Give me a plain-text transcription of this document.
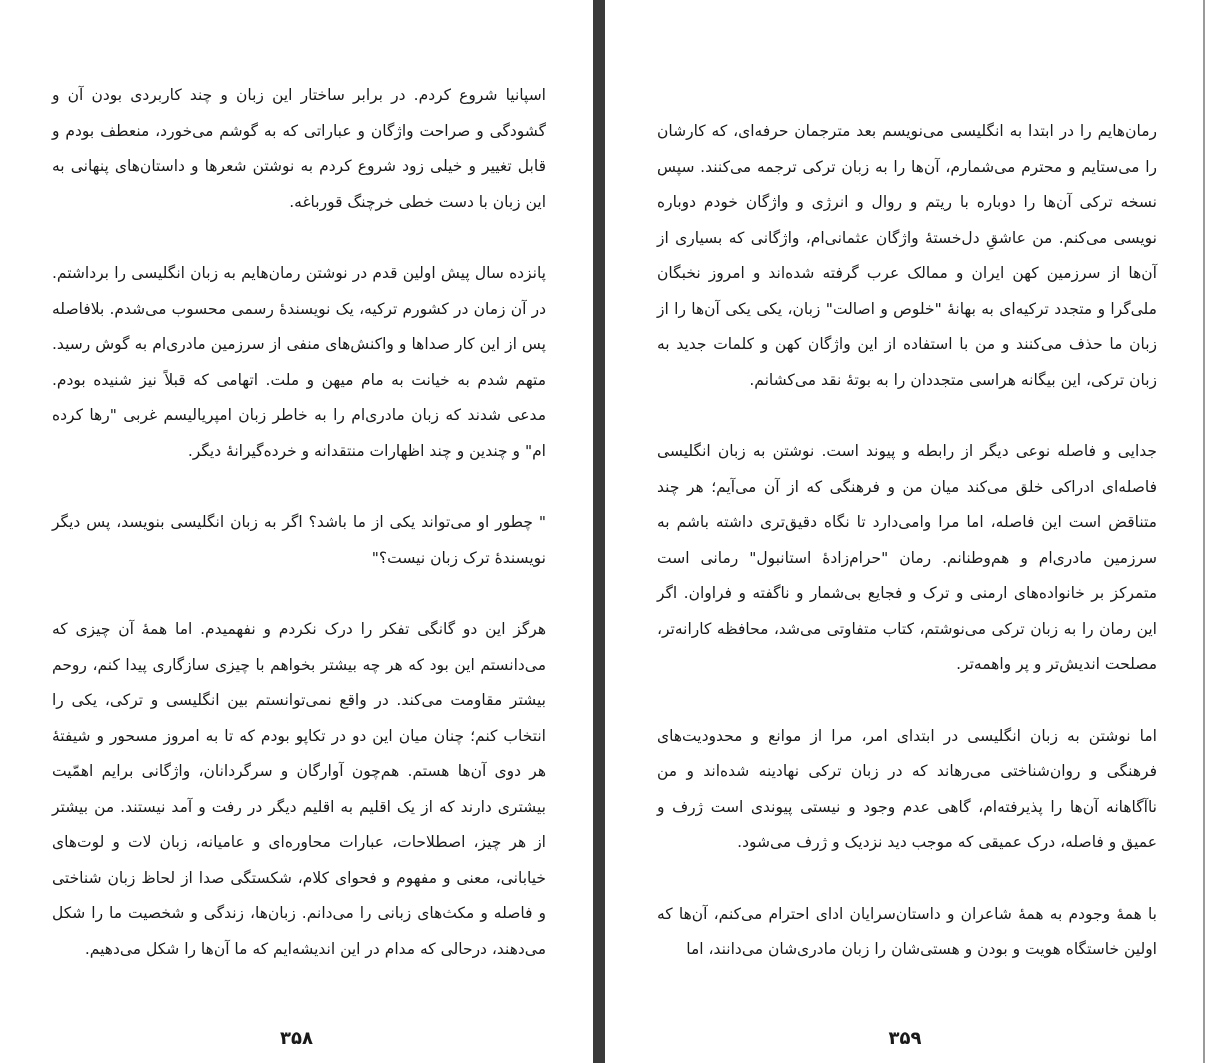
اسپانیا شروع کردم. در برابر ساختار این زبان و چند کاربردی بودن آن و گشودگی و صراحت واژگان و عباراتی که به گوشم می‌خورد، منعطف بودم و قابل تغییر و خیلی زود شروع کردم به نوشتن شعرها و داستان‌های پنهانی به این زبان با دست خطی خرچنگ قورباغه.

پانزده سال پیش اولین قدم در نوشتن رمان‌هایم به زبان انگلیسی را برداشتم. در آن زمان در کشورم ترکیه، یک نویسندهٔ رسمی محسوب می‌شدم. بلافاصله پس از این کار صداها و واکنش‌های منفی از سرزمین مادری‌ام به گوش رسید. متهم شدم به خیانت به مام میهن و ملت. اتهامی که قبلاً نیز شنیده بودم. مدعی شدند که زبان مادری‌ام را به خاطر زبان امپریالیسم غربی "رها کرده ام" و چندین و چند اظهارات منتقدانه و خرده‌گیرانهٔ دیگر.

" چطور او می‌تواند یکی از ما باشد؟ اگر به زبان انگلیسی بنویسد، پس دیگر نویسندهٔ ترک زبان نیست؟"

هرگز این دو گانگی تفکر را درک نکردم و نفهمیدم. اما همهٔ آن چیزی که می‌دانستم این بود که هر چه بیشتر بخواهم با چیزی سازگاری پیدا کنم، روحم بیشتر مقاومت می‌کند. در واقع نمی‌توانستم بین انگلیسی و ترکی، یکی را انتخاب کنم؛ چنان میان این دو در تکاپو بودم که تا به امروز مسحور و شیفتهٔ هر دوی آن‌ها هستم. هم‌چون آوارگان و سرگردانان، واژگانی برایم اهمّیت بیشتری دارند که از یک اقلیم به اقلیم دیگر در رفت و آمد نیستند. من بیشتر از هر چیز، اصطلاحات، عبارات محاوره‌ای و عامیانه، زبان لات و لوت‌های خیابانی، معنی و مفهوم و فحوای کلام، شکستگی صدا از لحاظ زبان شناختی و فاصله و مکث‌های زبانی را می‌دانم. زبان‌ها، زندگی و شخصیت ما را شکل می‌دهند، درحالی که مدام در این اندیشه‌ایم که ما آن‌ها را شکل می‌دهیم.

۳۵۸

رمان‌هایم را در ابتدا به انگلیسی می‌نویسم بعد مترجمان حرفه‌ای، که کارشان را می‌ستایم و محترم می‌شمارم، آن‌ها را به زبان ترکی ترجمه می‌کنند. سپس نسخه ترکی آن‌ها را دوباره با ریتم و روال و انرژی و واژگان خودم دوباره نویسی می‌کنم. من عاشقِ دل‌خستهٔ واژگان عثمانی‌ام، واژگانی که بسیاری از آن‌ها از سرزمین کهن ایران و ممالک عرب گرفته شده‌اند و امروز نخبگان ملی‌گرا و متجدد ترکیه‌ای به بهانهٔ "خلوص و اصالت" زبان، یکی یکی آن‌ها را از زبان ما حذف می‌کنند و من با استفاده از این واژگان کهن و کلمات جدید به زبان ترکی، این بیگانه هراسی متجددان را به بوتهٔ نقد می‌کشانم.

جدایی و فاصله نوعی دیگر از رابطه و پیوند است. نوشتن به زبان انگلیسی فاصله‌ای ادراکی خلق می‌کند میان من و فرهنگی که از آن می‌آیم؛ هر چند متناقض است این فاصله، اما مرا وامی‌دارد تا نگاه دقیق‌تری داشته باشم به سرزمین مادری‌ام و هم‌وطنانم. رمان "حرام‌زادهٔ استانبول" رمانی است متمرکز بر خانواده‌های ارمنی و ترک و فجایع بی‌شمار و ناگفته و فراوان. اگر این رمان را به زبان ترکی می‌نوشتم، کتاب متفاوتی می‌شد، محافظه کارانه‌تر، مصلحت اندیش‌تر و پر واهمه‌تر.

اما نوشتن به زبان انگلیسی در ابتدای امر، مرا از موانع و محدودیت‌های فرهنگی و روان‌شناختی می‌رهاند که در زبان ترکی نهادینه شده‌اند و من ناآگاهانه آن‌ها را پذیرفته‌ام، گاهی عدم وجود و نیستی پیوندی است ژرف و عمیق و فاصله، درک عمیقی که موجب دید نزدیک و ژرف می‌شود.

با همهٔ وجودم به همهٔ شاعران و داستان‌سرایان ادای احترام می‌کنم، آن‌ها که اولین خاستگاه هویت و بودن و هستی‌شان را زبان مادری‌شان می‌دانند، اما

۳۵۹
